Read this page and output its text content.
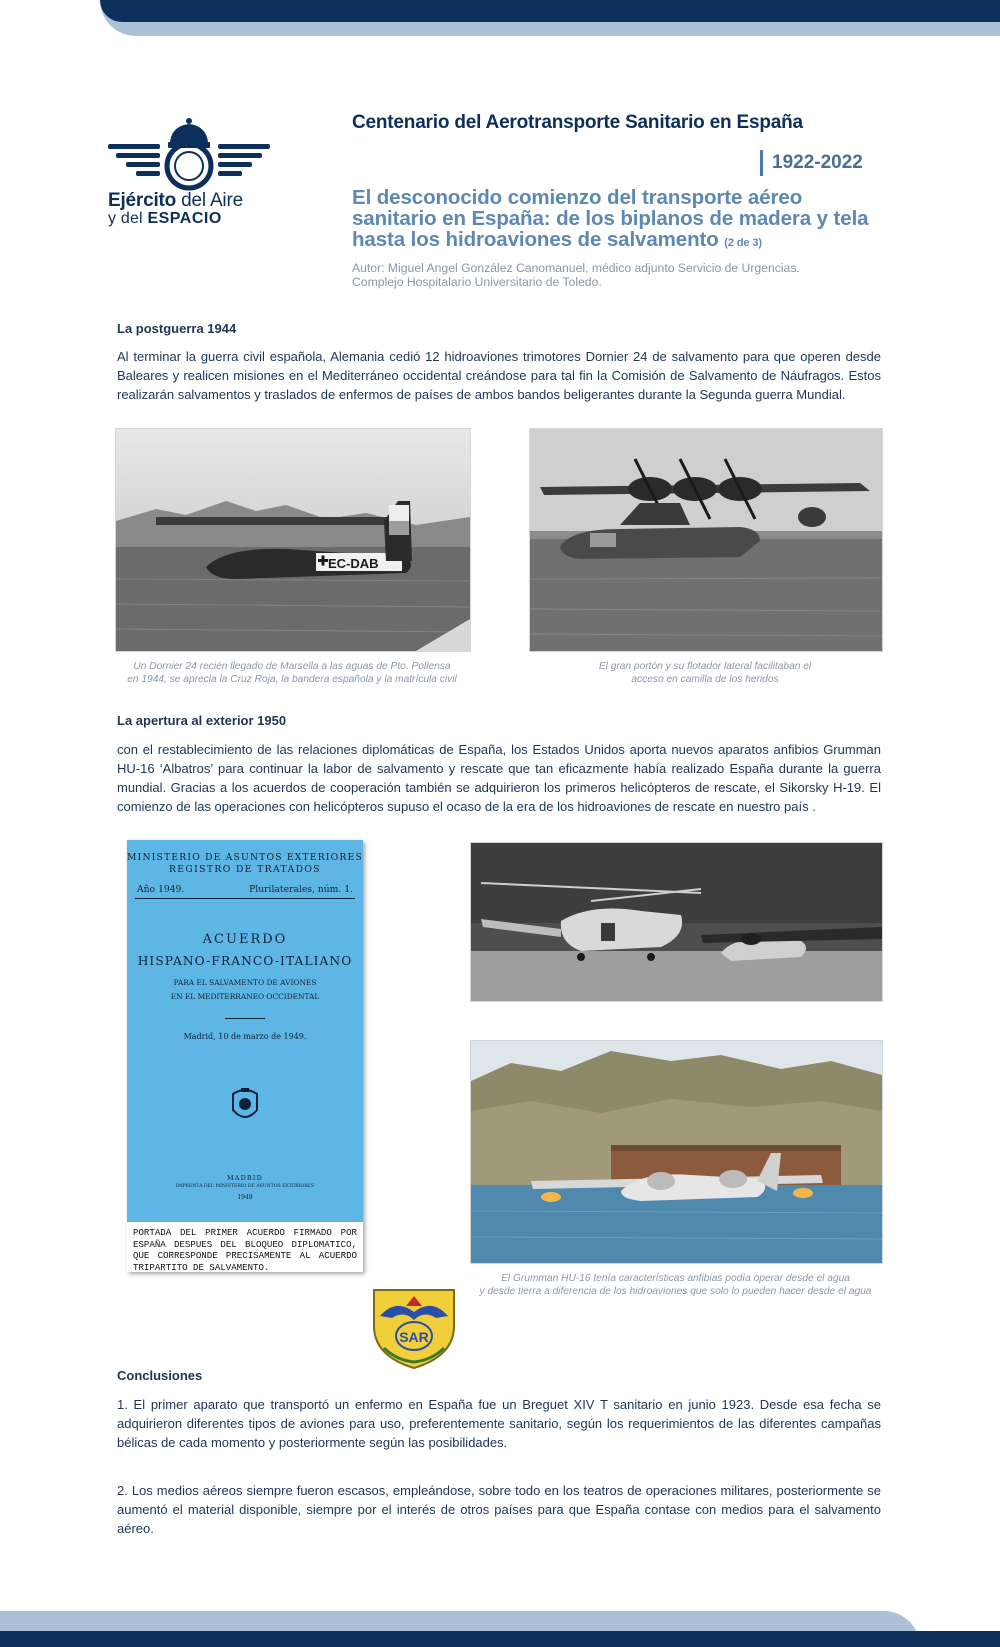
Ejército del Aire
y del ESPACIO
Centenario del Aerotransporte Sanitario en España
1922-2022
El desconocido comienzo del transporte aéreo sanitario en España: de los biplanos de madera y tela hasta los hidroaviones de salvamento (2 de 3)
Autor: Miguel Angel González Canomanuel, médico adjunto Servicio de Urgencias.
Complejo Hospitalario Universitario de Toledo.
La postguerra 1944
Al terminar la guerra civil española, Alemania cedió 12 hidroaviones trimotores Dornier 24 de salvamento para que operen desde Baleares y realicen misiones en el Mediterráneo occidental creándose para tal fin la Comisión de Salvamento de Náufragos. Estos realizarán salvamentos y traslados de enfermos de países de ambos bandos beligerantes durante la Segunda guerra Mundial.
EC-DAB
Un Dornier 24 recién llegado de Marsella a las aguas de Pto. Pollensa
en 1944, se aprecia la Cruz Roja, la bandera española y la matrícula civil
El gran portón y su flotador lateral facilitaban el
acceso en camilla de los heridos
La apertura al exterior 1950
con el restablecimiento de las relaciones diplomáticas de España, los Estados Unidos aporta nuevos aparatos anfibios Grumman HU-16 ‘Albatros’ para continuar la labor de salvamento y rescate que tan eficazmente había realizado España durante la guerra mundial. Gracias a los acuerdos de cooperación también se adquirieron los primeros helicópteros de rescate, el Sikorsky H-19. El comienzo de las operaciones con helicópteros supuso el ocaso de la era de los hidroaviones de rescate en nuestro país .
MINISTERIO DE ASUNTOS EXTERIORES
REGISTRO DE TRATADOS
Año 1949.	Plurilaterales, núm. 1.
ACUERDO
HISPANO-FRANCO-ITALIANO
PARA EL SALVAMENTO DE AVIONES
EN EL MEDITERRANEO OCCIDENTAL
Madrid, 10 de marzo de 1949.
MADRID
IMPRENTA DEL MINISTERIO DE ASUNTOS EXTERIORES
1949
PORTADA DEL PRIMER ACUERDO FIRMADO POR ESPAÑA DESPUES DEL BLOQUEO DIPLOMATICO, QUE CORRESPONDE PRECISAMENTE AL ACUERDO TRIPARTITO DE SALVAMENTO.
El Grumman HU-16 tenía características anfibias podía operar desde el agua
y desde tierra a diferencia de los hidroaviones que solo lo pueden hacer desde el agua
SAR
Conclusiones
1. El primer aparato que transportó un enfermo en España fue un Breguet XIV T sanitario en junio 1923. Desde esa fecha se adquirieron diferentes tipos de aviones para uso, preferentemente sanitario, según los requerimientos de las diferentes campañas bélicas de cada momento y posteriormente según las posibilidades.
2. Los medios aéreos siempre fueron escasos, empleándose, sobre todo en los teatros de operaciones militares, posteriormente se aumentó el material disponible, siempre por el interés de otros países para que España contase con medios para el salvamento aéreo.
